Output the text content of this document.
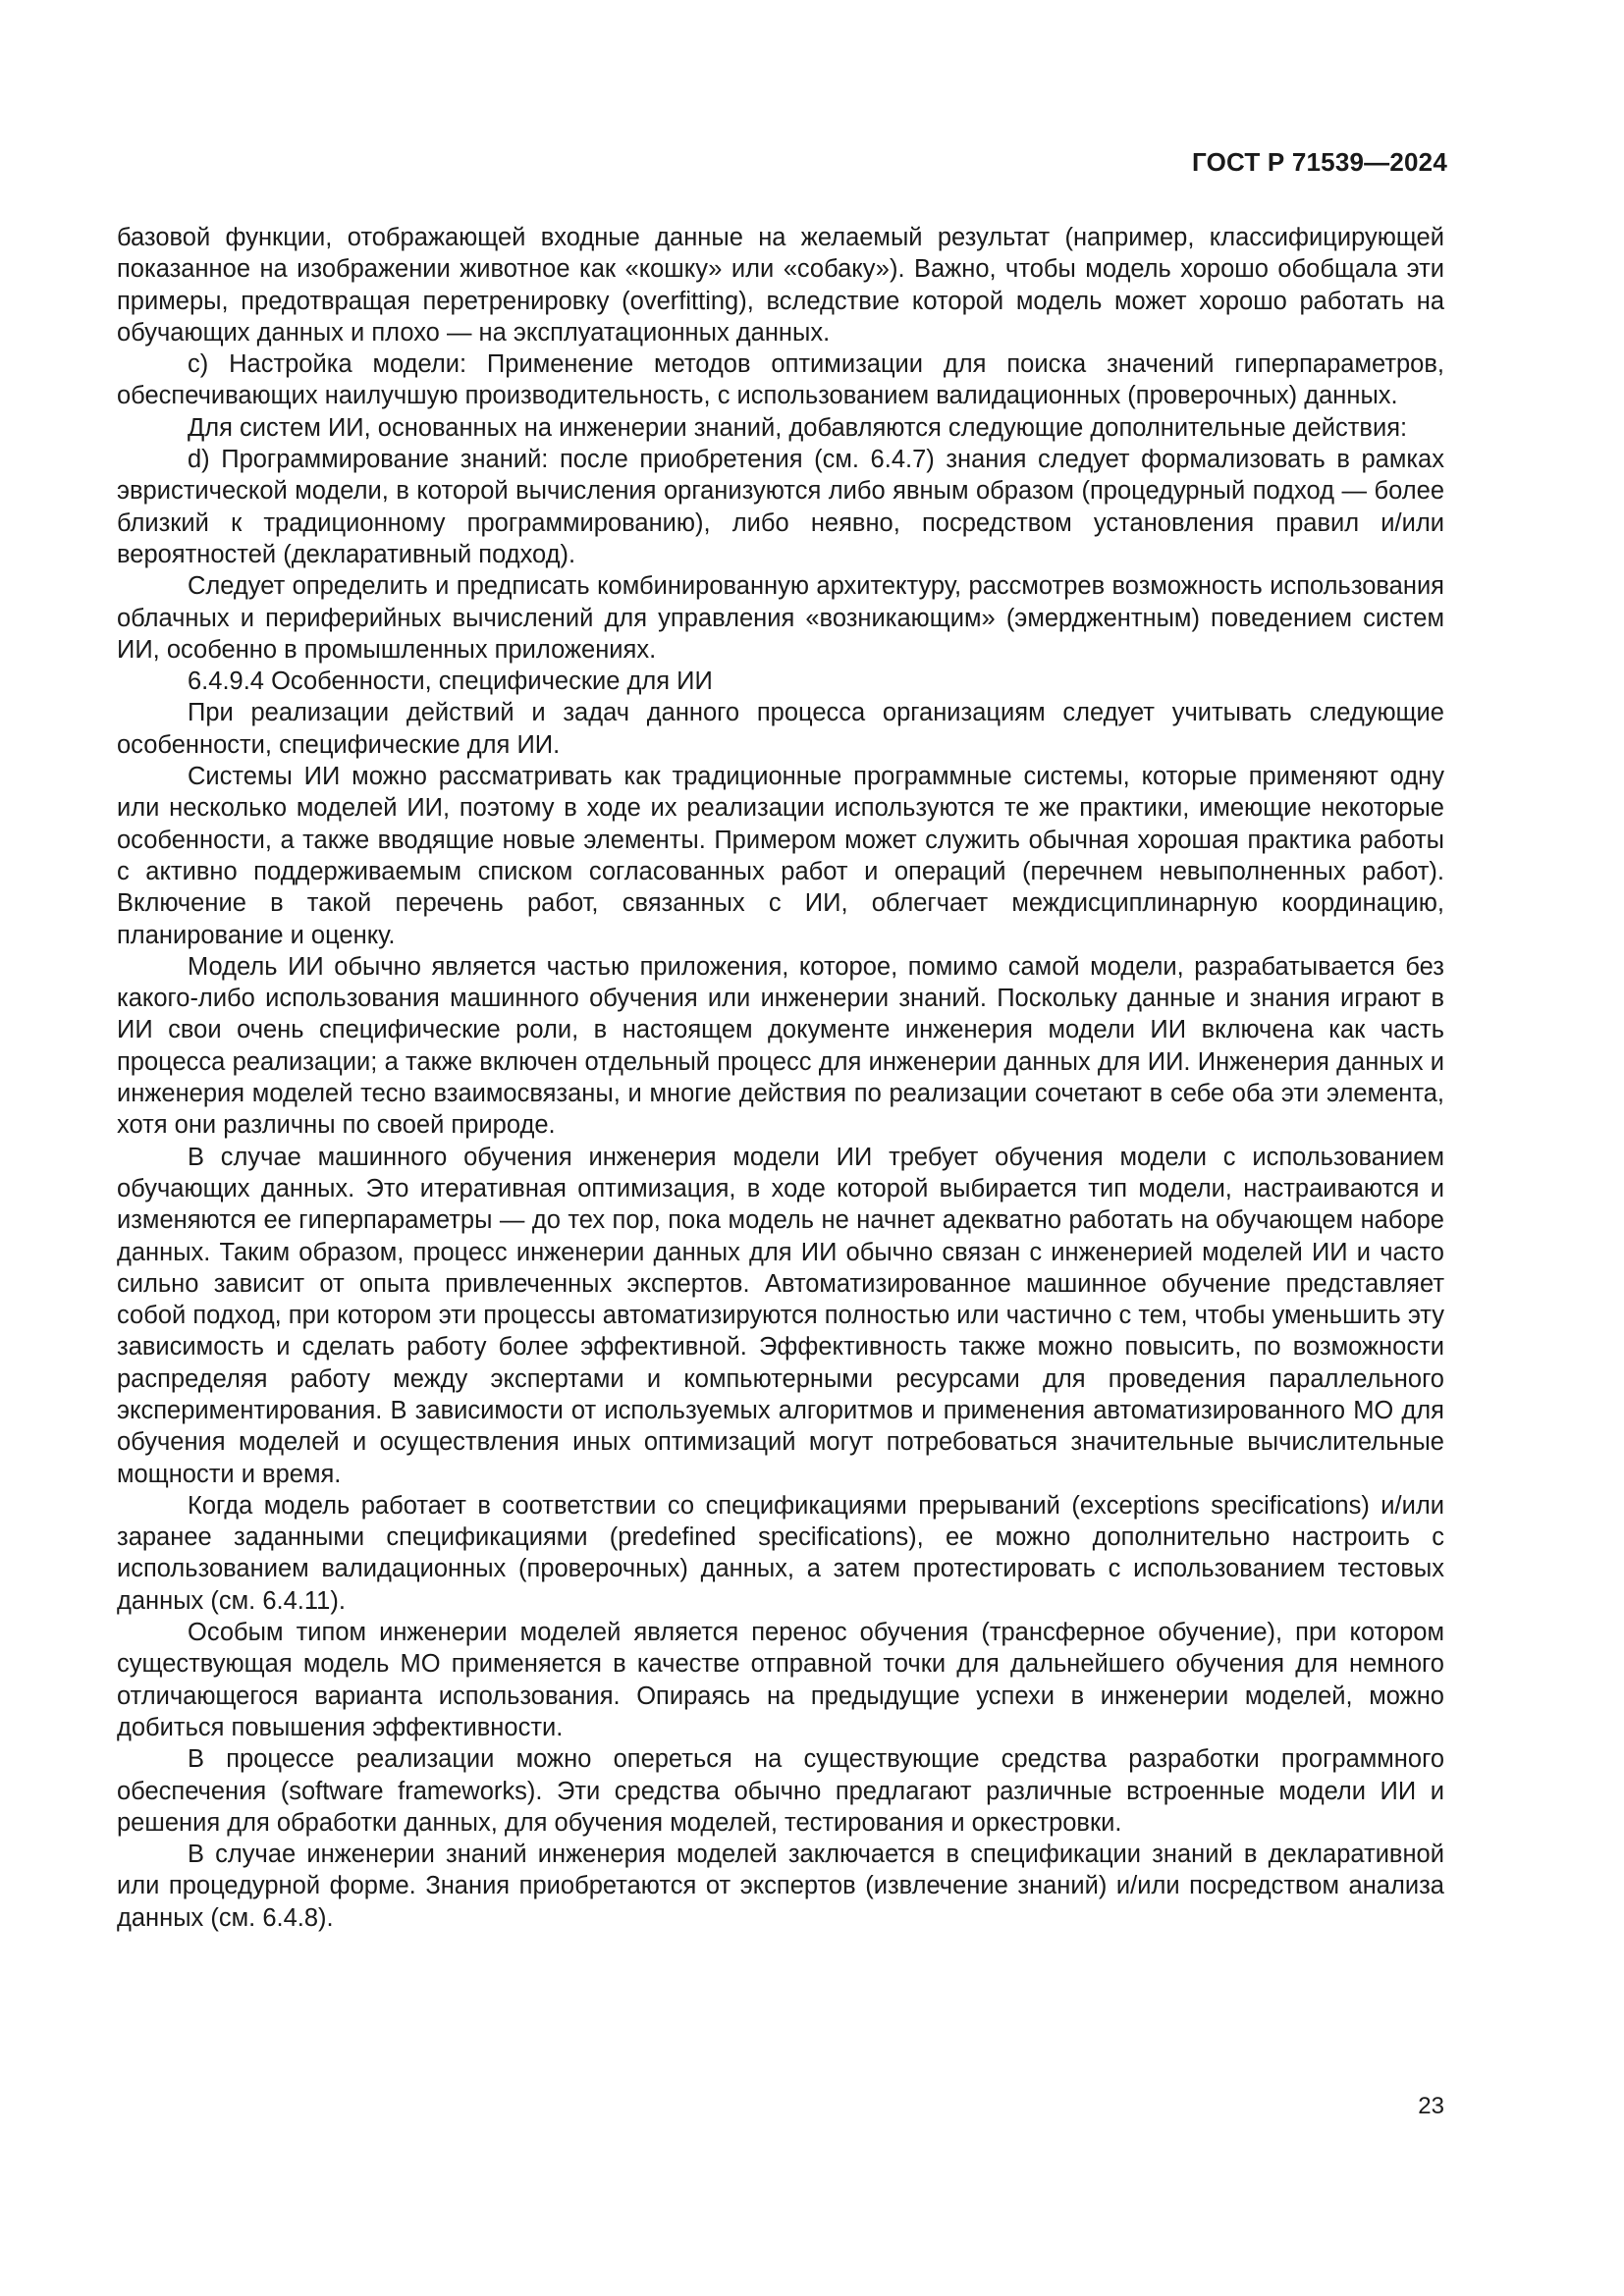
ГОСТ Р 71539—2024

базовой функции, отображающей входные данные на желаемый результат (например, классифицирующей показанное на изображении животное как «кошку» или «собаку»). Важно, чтобы модель хорошо обобщала эти примеры, предотвращая перетренировку (overfitting), вследствие которой модель может хорошо работать на обучающих данных и плохо — на эксплуатационных данных.

c) Настройка модели: Применение методов оптимизации для поиска значений гиперпараметров, обеспечивающих наилучшую производительность, с использованием валидационных (проверочных) данных.

Для систем ИИ, основанных на инженерии знаний, добавляются следующие дополнительные действия:

d) Программирование знаний: после приобретения (см. 6.4.7) знания следует формализовать в рамках эвристической модели, в которой вычисления организуются либо явным образом (процедурный подход — более близкий к традиционному программированию), либо неявно, посредством установления правил и/или вероятностей (декларативный подход).

Следует определить и предписать комбинированную архитектуру, рассмотрев возможность использования облачных и периферийных вычислений для управления «возникающим» (эмерджентным) поведением систем ИИ, особенно в промышленных приложениях.

6.4.9.4 Особенности, специфические для ИИ

При реализации действий и задач данного процесса организациям следует учитывать следующие особенности, специфические для ИИ.

Системы ИИ можно рассматривать как традиционные программные системы, которые применяют одну или несколько моделей ИИ, поэтому в ходе их реализации используются те же практики, имеющие некоторые особенности, а также вводящие новые элементы. Примером может служить обычная хорошая практика работы с активно поддерживаемым списком согласованных работ и операций (перечнем невыполненных работ). Включение в такой перечень работ, связанных с ИИ, облегчает междисциплинарную координацию, планирование и оценку.

Модель ИИ обычно является частью приложения, которое, помимо самой модели, разрабатывается без какого-либо использования машинного обучения или инженерии знаний. Поскольку данные и знания играют в ИИ свои очень специфические роли, в настоящем документе инженерия модели ИИ включена как часть процесса реализации; а также включен отдельный процесс для инженерии данных для ИИ. Инженерия данных и инженерия моделей тесно взаимосвязаны, и многие действия по реализации сочетают в себе оба эти элемента, хотя они различны по своей природе.

В случае машинного обучения инженерия модели ИИ требует обучения модели с использованием обучающих данных. Это итеративная оптимизация, в ходе которой выбирается тип модели, настраиваются и изменяются ее гиперпараметры — до тех пор, пока модель не начнет адекватно работать на обучающем наборе данных. Таким образом, процесс инженерии данных для ИИ обычно связан с инженерией моделей ИИ и часто сильно зависит от опыта привлеченных экспертов. Автоматизированное машинное обучение представляет собой подход, при котором эти процессы автоматизируются полностью или частично с тем, чтобы уменьшить эту зависимость и сделать работу более эффективной. Эффективность также можно повысить, по возможности распределяя работу между экспертами и компьютерными ресурсами для проведения параллельного экспериментирования. В зависимости от используемых алгоритмов и применения автоматизированного МО для обучения моделей и осуществления иных оптимизаций могут потребоваться значительные вычислительные мощности и время.

Когда модель работает в соответствии со спецификациями прерываний (exceptions specifications) и/или заранее заданными спецификациями (predefined specifications), ее можно дополнительно настроить с использованием валидационных (проверочных) данных, а затем протестировать с использованием тестовых данных (см. 6.4.11).

Особым типом инженерии моделей является перенос обучения (трансферное обучение), при котором существующая модель МО применяется в качестве отправной точки для дальнейшего обучения для немного отличающегося варианта использования. Опираясь на предыдущие успехи в инженерии моделей, можно добиться повышения эффективности.

В процессе реализации можно опереться на существующие средства разработки программного обеспечения (software frameworks). Эти средства обычно предлагают различные встроенные модели ИИ и решения для обработки данных, для обучения моделей, тестирования и оркестровки.

В случае инженерии знаний инженерия моделей заключается в спецификации знаний в декларативной или процедурной форме. Знания приобретаются от экспертов (извлечение знаний) и/или посредством анализа данных (см. 6.4.8).

23
